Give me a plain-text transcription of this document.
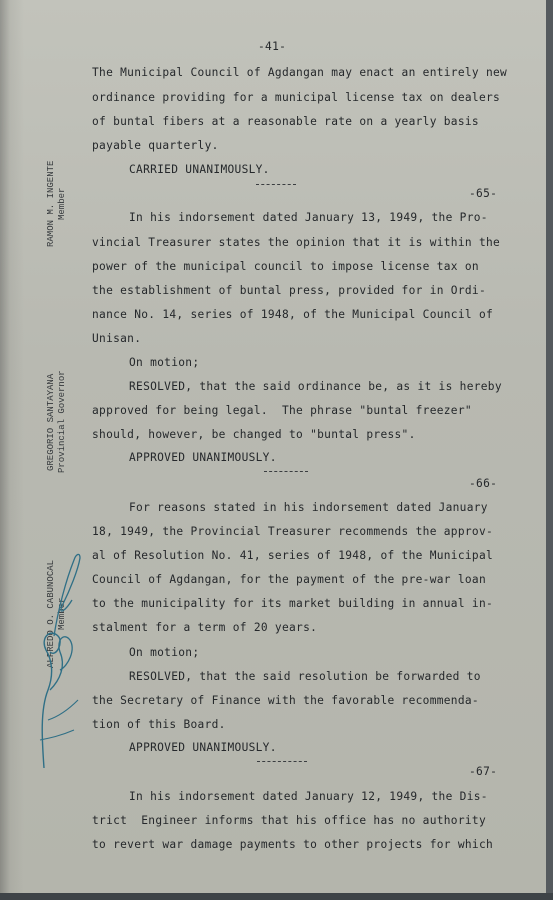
RAMON M. INGENTE Member
GREGORIO SANTAYANA Provincial Governor
ALFREDO O. CABUNOCAL Member
-41-
The Municipal Council of Agdangan may enact an entirely new
ordinance providing for a municipal license tax on dealers
of buntal fibers at a reasonable rate on a yearly basis
payable quarterly.
CARRIED UNANIMOUSLY.
-65-
In his indorsement dated January 13, 1949, the Pro-
vincial Treasurer states the opinion that it is within the
power of the municipal council to impose license tax on
the establishment of buntal press, provided for in Ordi-
nance No. 14, series of 1948, of the Municipal Council of
Unisan.
On motion;
RESOLVED, that the said ordinance be, as it is hereby
approved for being legal.  The phrase "buntal freezer"
should, however, be changed to "buntal press".
APPROVED UNANIMOUSLY.
-66-
For reasons stated in his indorsement dated January
18, 1949, the Provincial Treasurer recommends the approv-
al of Resolution No. 41, series of 1948, of the Municipal
Council of Agdangan, for the payment of the pre-war loan
to the municipality for its market building in annual in-
stalment for a term of 20 years.
On motion;
RESOLVED, that the said resolution be forwarded to
the Secretary of Finance with the favorable recommenda-
tion of this Board.
APPROVED UNANIMOUSLY.
-67-
In his indorsement dated January 12, 1949, the Dis-
trict  Engineer informs that his office has no authority
to revert war damage payments to other projects for which
